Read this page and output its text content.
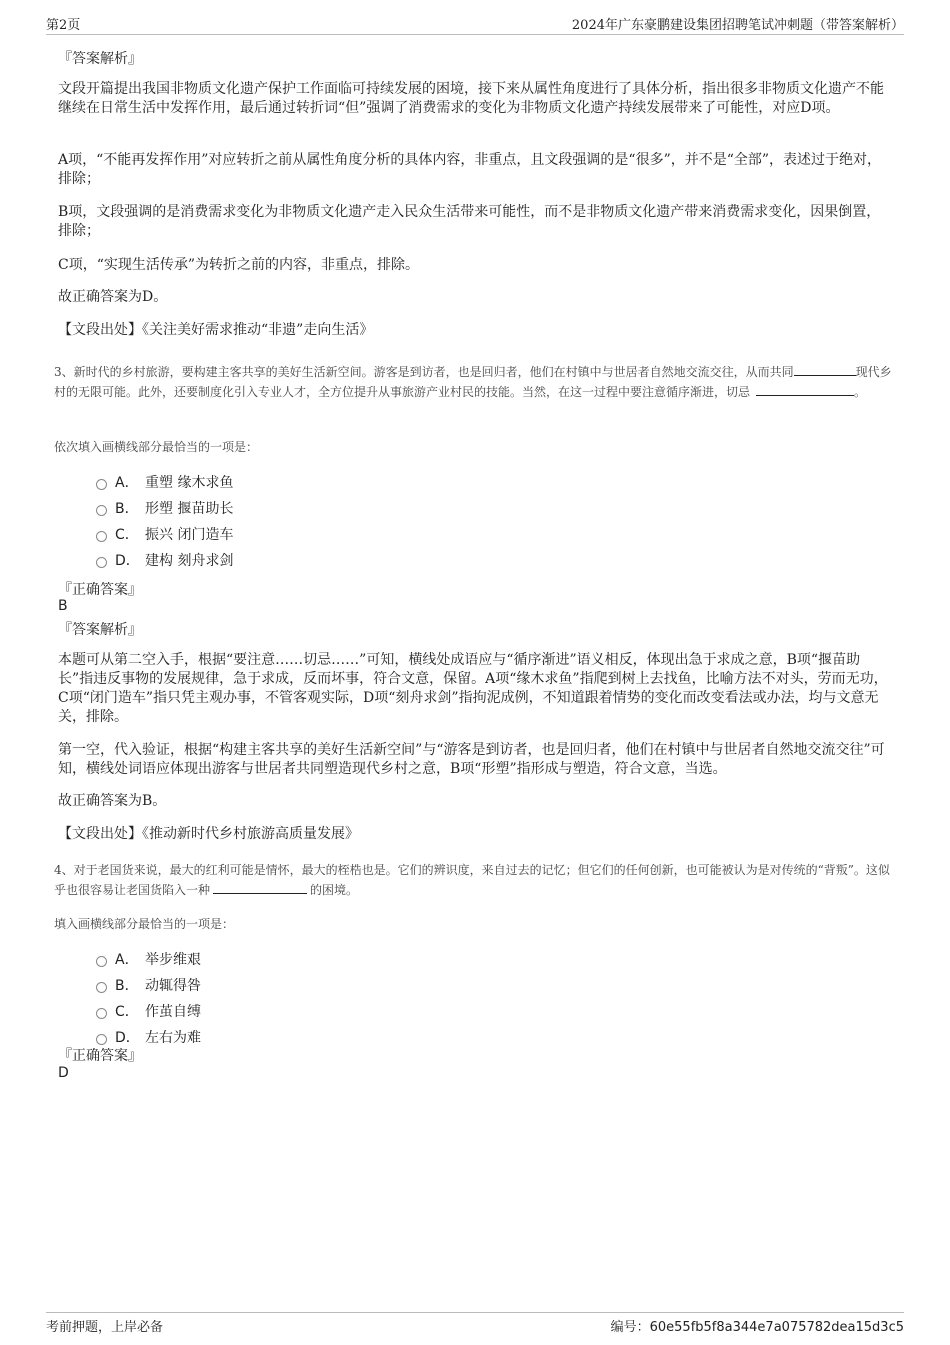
第2页	2024年广东豪鹏建设集团招聘笔试冲刺题（带答案解析）
『答案解析』

文段开篇提出我国非物质文化遗产保护工作面临可持续发展的困境，接下来从属性角度进行了具体分析，指出很多非物质文化遗产不能继续在日常生活中发挥作用，最后通过转折词“但”强调了消费需求的变化为非物质文化遗产持续发展带来了可能性，对应D项。

A项，“不能再发挥作用”对应转折之前从属性角度分析的具体内容，非重点，且文段强调的是“很多”，并不是“全部”，表述过于绝对，排除；

B项，文段强调的是消费需求变化为非物质文化遗产走入民众生活带来可能性，而不是非物质文化遗产带来消费需求变化，因果倒置，排除；

C项，“实现生活传承”为转折之前的内容，非重点，排除。

故正确答案为D。

【文段出处】《关注美好需求推动“非遗”走向生活》

3、新时代的乡村旅游，要构建主客共享的美好生活新空间。游客是到访者，也是回归者，他们在村镇中与世居者自然地交流交往，从而共同	现代乡村的无限可能。此外，还要制度化引入专业人才，全方位提升从事旅游产业村民的技能。当然，在这一过程中要注意循序渐进，切忌	。

依次填入画横线部分最恰当的一项是：

A． 重塑 缘木求鱼
B． 形塑 揠苗助长
C． 振兴 闭门造车
D． 建构 刻舟求剑
『正确答案』
B
『答案解析』

本题可从第二空入手，根据“要注意……切忌……”可知，横线处成语应与“循序渐进”语义相反，体现出急于求成之意，B项“揠苗助长”指违反事物的发展规律，急于求成，反而坏事，符合文意，保留。A项“缘木求鱼”指爬到树上去找鱼，比喻方法不对头，劳而无功，C项“闭门造车”指只凭主观办事，不管客观实际，D项“刻舟求剑”指拘泥成例，不知道跟着情势的变化而改变看法或办法，均与文意无关，排除。

第一空，代入验证，根据“构建主客共享的美好生活新空间”与“游客是到访者，也是回归者，他们在村镇中与世居者自然地交流交往”可知，横线处词语应体现出游客与世居者共同塑造现代乡村之意，B项“形塑”指形成与塑造，符合文意，当选。

故正确答案为B。

【文段出处】《推动新时代乡村旅游高质量发展》

4、对于老国货来说，最大的红利可能是情怀，最大的桎梏也是。它们的辨识度，来自过去的记忆；但它们的任何创新，也可能被认为是对传统的“背叛”。这似乎也很容易让老国货陷入一种	的困境。

填入画横线部分最恰当的一项是：

A． 举步维艰
B． 动辄得咎
C． 作茧自缚
D． 左右为难
『正确答案』
D
考前押题，上岸必备	编号：60e55fb5f8a344e7a075782dea15d3c5
